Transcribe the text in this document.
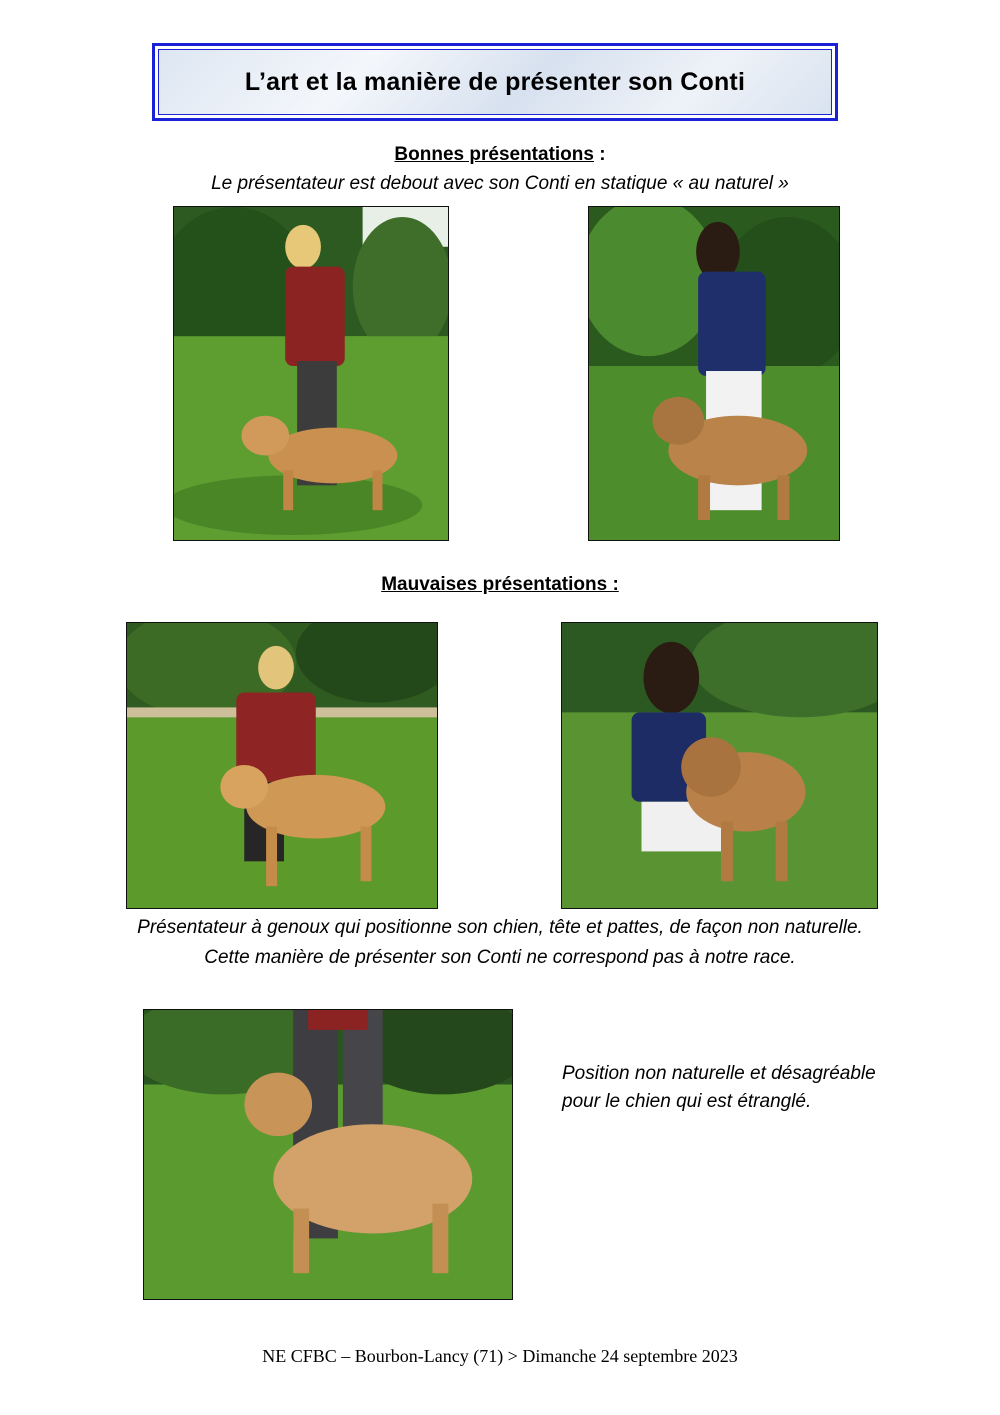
L’art et la manière de présenter son Conti
Bonnes présentations :
Le présentateur est debout avec son Conti en statique « au naturel »
Mauvaises présentations :
Présentateur à genoux qui positionne son chien, tête et pattes, de façon non naturelle.
Cette manière de présenter son Conti ne correspond pas à notre race.
Position non naturelle et désagréable
pour le chien qui est étranglé.
NE CFBC – Bourbon-Lancy (71) > Dimanche 24 septembre 2023
